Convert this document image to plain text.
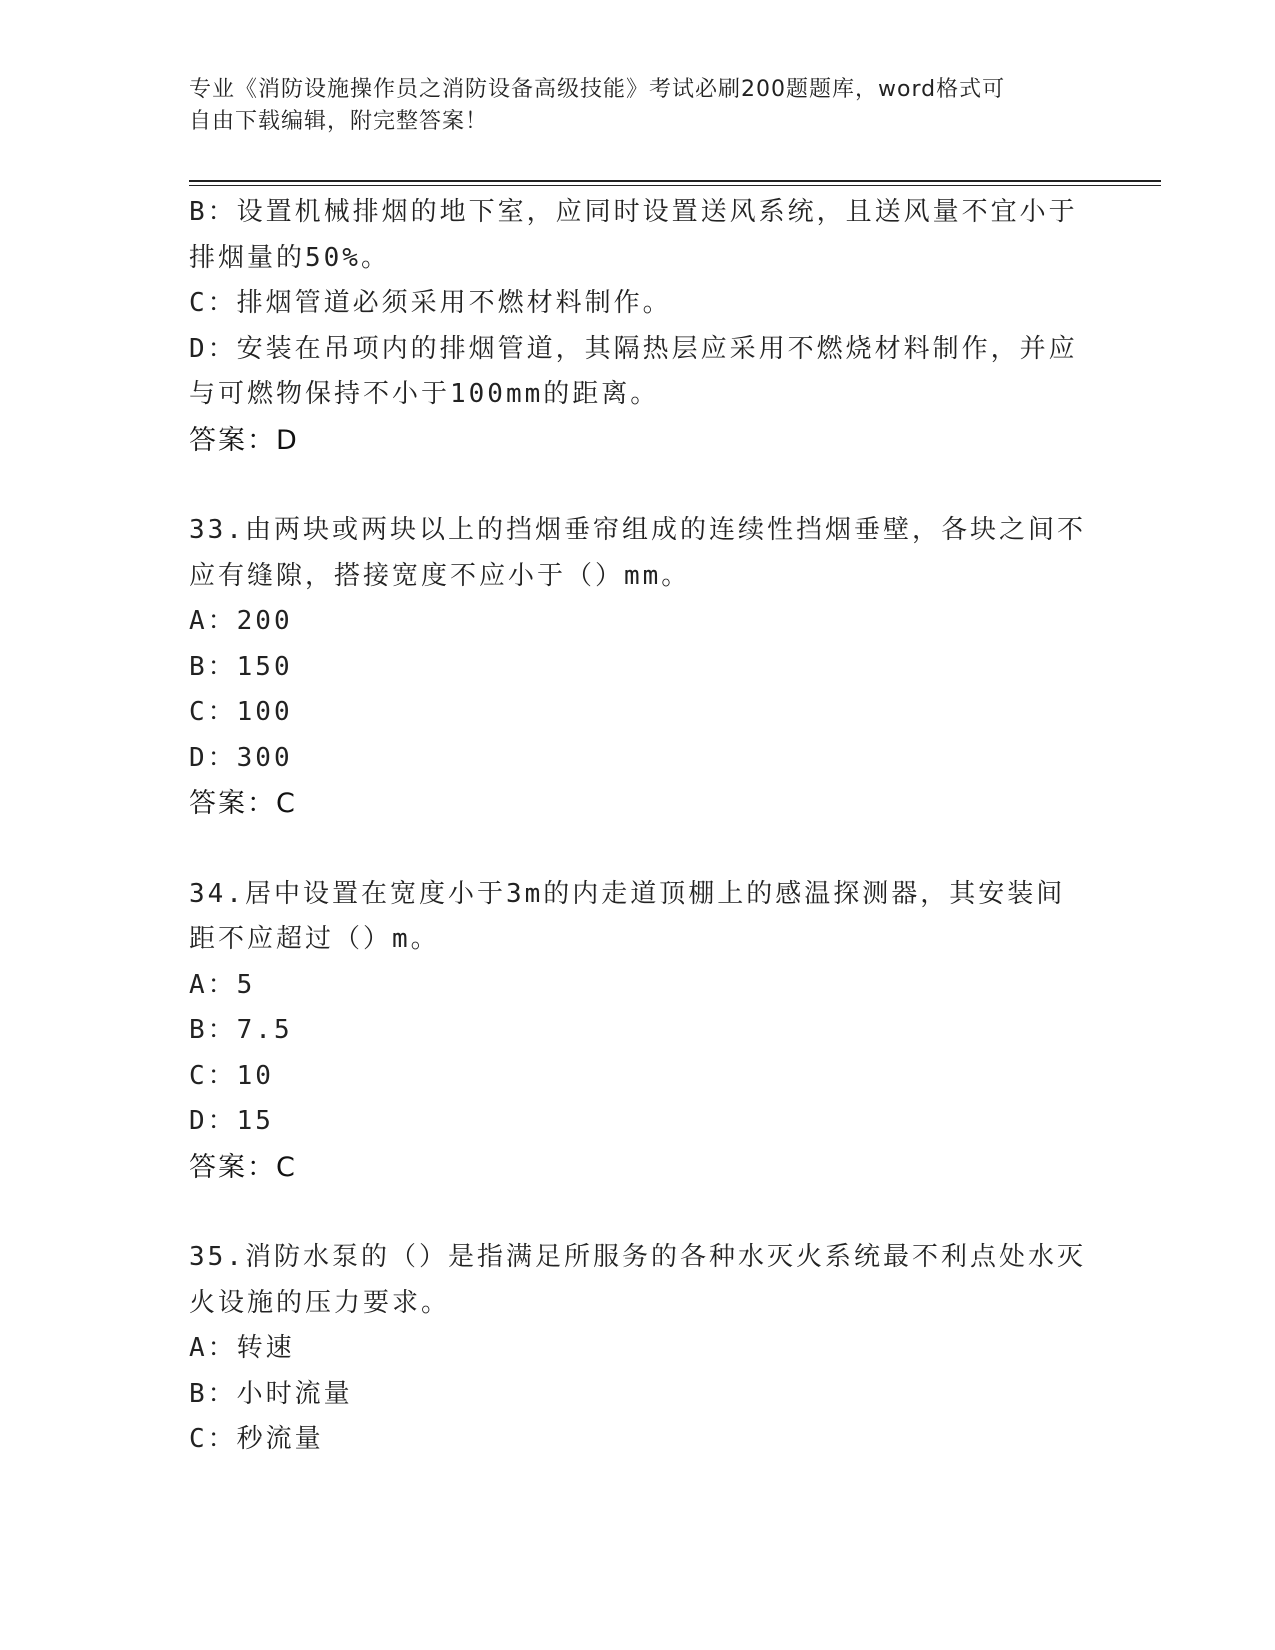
专业《消防设施操作员之消防设备高级技能》考试必刷200题题库，word格式可
自由下载编辑，附完整答案！
B：设置机械排烟的地下室，应同时设置送风系统，且送风量不宜小于
排烟量的50%。
C：排烟管道必须采用不燃材料制作。
D：安装在吊项内的排烟管道，其隔热层应采用不燃烧材料制作，并应
与可燃物保持不小于100mm的距离。
答案：D
33.由两块或两块以上的挡烟垂帘组成的连续性挡烟垂壁，各块之间不
应有缝隙，搭接宽度不应小于（）mm。
A：200
B：150
C：100
D：300
答案：C
34.居中设置在宽度小于3m的内走道顶棚上的感温探测器，其安装间
距不应超过（）m。
A：5
B：7.5
C：10
D：15
答案：C
35.消防水泵的（）是指满足所服务的各种水灭火系统最不利点处水灭
火设施的压力要求。
A：转速
B：小时流量
C：秒流量
